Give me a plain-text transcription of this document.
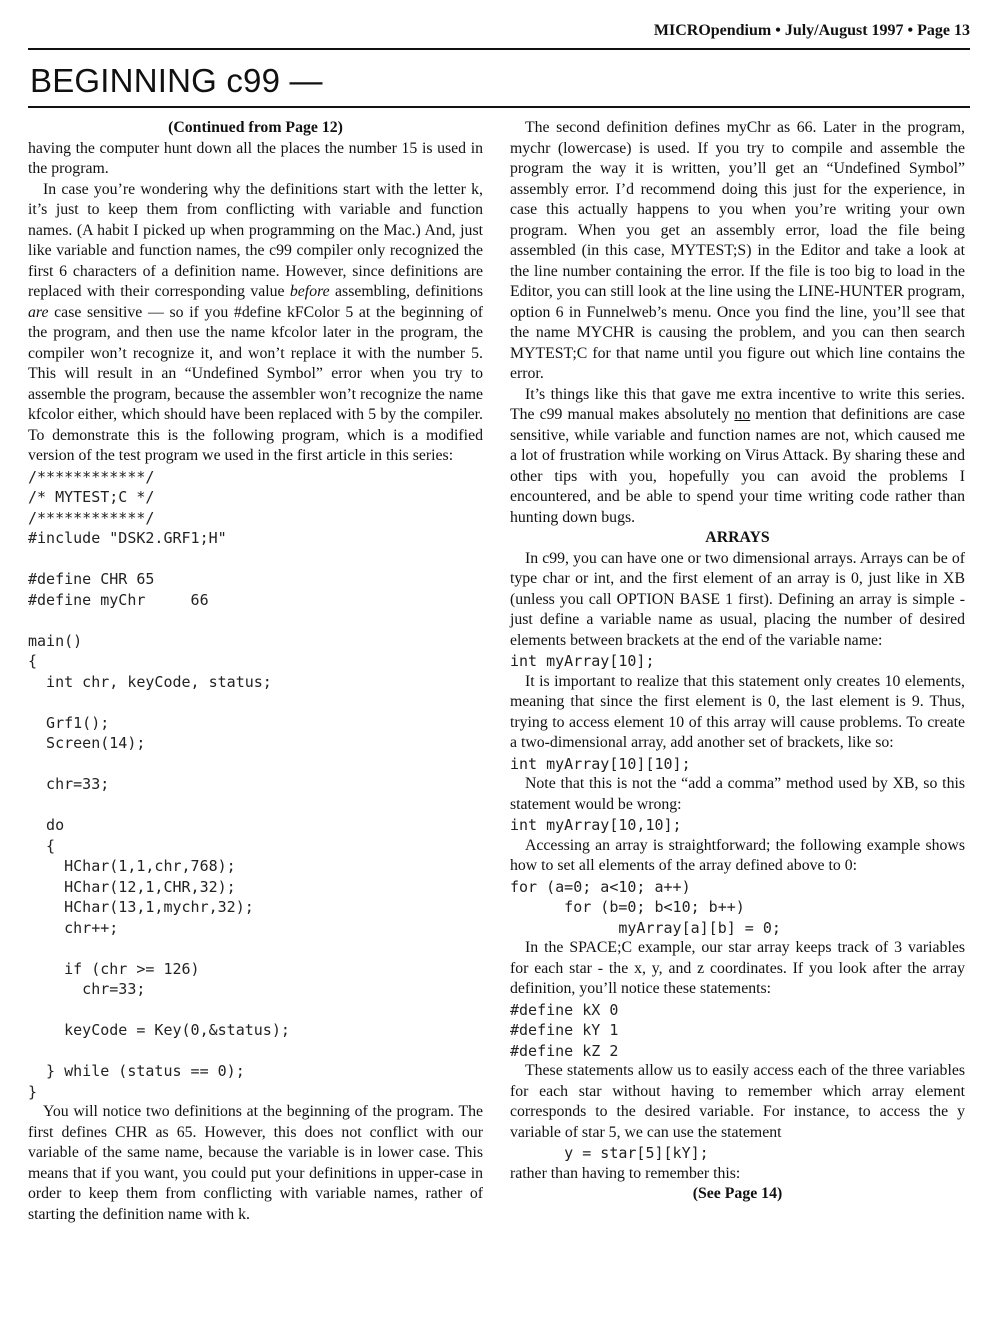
MICROpendium • July/August 1997 • Page 13
BEGINNING c99 —
(Continued from Page 12)

having the computer hunt down all the places the number 15 is used in the program.

In case you’re wondering why the definitions start with the letter k, it’s just to keep them from conflicting with variable and function names. (A habit I picked up when programming on the Mac.) And, just like variable and function names, the c99 compiler only recognized the first 6 characters of a definition name. However, since definitions are replaced with their corresponding value before assembling, definitions are case sensitive — so if you #define kFColor 5 at the beginning of the program, and then use the name kfcolor later in the program, the compiler won’t recognize it, and won’t replace it with the number 5. This will result in an “Undefined Symbol” error when you try to assemble the program, because the assembler won’t recognize the name kfcolor either, which should have been replaced with 5 by the compiler. To demonstrate this is the following program, which is a modified version of the test program we used in the first article in this series:

/************/
/* MYTEST;C */
/************/
#include "DSK2.GRF1;H"

#define CHR 65
#define myChr     66

main()
{
int chr, keyCode, status;

Grf1();
Screen(14);

chr=33;

do
{
HChar(1,1,chr,768);
HChar(12,1,CHR,32);
HChar(13,1,mychr,32);
chr++;

if (chr >= 126)
chr=33;

keyCode = Key(0,&status);

} while (status == 0);
}

You will notice two definitions at the beginning of the program. The first defines CHR as 65. However, this does not conflict with our variable of the same name, because the variable is in lower case. This means that if you want, you could put your definitions in upper-case in order to keep them from conflicting with variable names, rather of starting the definition name with k.

The second definition defines myChr as 66. Later in the program, mychr (lowercase) is used. If you try to compile and assemble the program the way it is written, you’ll get an “Undefined Symbol” assembly error. I’d recommend doing this just for the experience, in case this actually happens to you when you’re writing your own program. When you get an assembly error, load the file being assembled (in this case, MYTEST;S) in the Editor and take a look at the line number containing the error. If the file is too big to load in the Editor, you can still look at the line using the LINE-HUNTER program, option 6 in Funnelweb’s menu. Once you find the line, you’ll see that the name MYCHR is causing the problem, and you can then search MYTEST;C for that name until you figure out which line contains the error.

It’s things like this that gave me extra incentive to write this series. The c99 manual makes absolutely no mention that definitions are case sensitive, while variable and function names are not, which caused me a lot of frustration while working on Virus Attack. By sharing these and other tips with you, hopefully you can avoid the problems I encountered, and be able to spend your time writing code rather than hunting down bugs.

ARRAYS

In c99, you can have one or two dimensional arrays. Arrays can be of type char or int, and the first element of an array is 0, just like in XB (unless you call OPTION BASE 1 first). Defining an array is simple - just define a variable name as usual, placing the number of desired elements between brackets at the end of the variable name:

int myArray[10];

It is important to realize that this statement only creates 10 elements, meaning that since the first element is 0, the last element is 9. Thus, trying to access element 10 of this array will cause problems. To create a two-dimensional array, add another set of brackets, like so:

int myArray[10][10];

Note that this is not the “add a comma” method used by XB, so this statement would be wrong:

int myArray[10,10];

Accessing an array is straightforward; the following example shows how to set all elements of the array defined above to 0:

for (a=0; a<10; a++)
for (b=0; b<10; b++)
myArray[a][b] = 0;

In the SPACE;C example, our star array keeps track of 3 variables for each star - the x, y, and z coordinates. If you look after the array definition, you’ll notice these statements:

#define kX 0
#define kY 1
#define kZ 2

These statements allow us to easily access each of the three variables for each star without having to remember which array element corresponds to the desired variable. For instance, to access the y variable of star 5, we can use the statement

y = star[5][kY];

rather than having to remember this:

(See Page 14)
